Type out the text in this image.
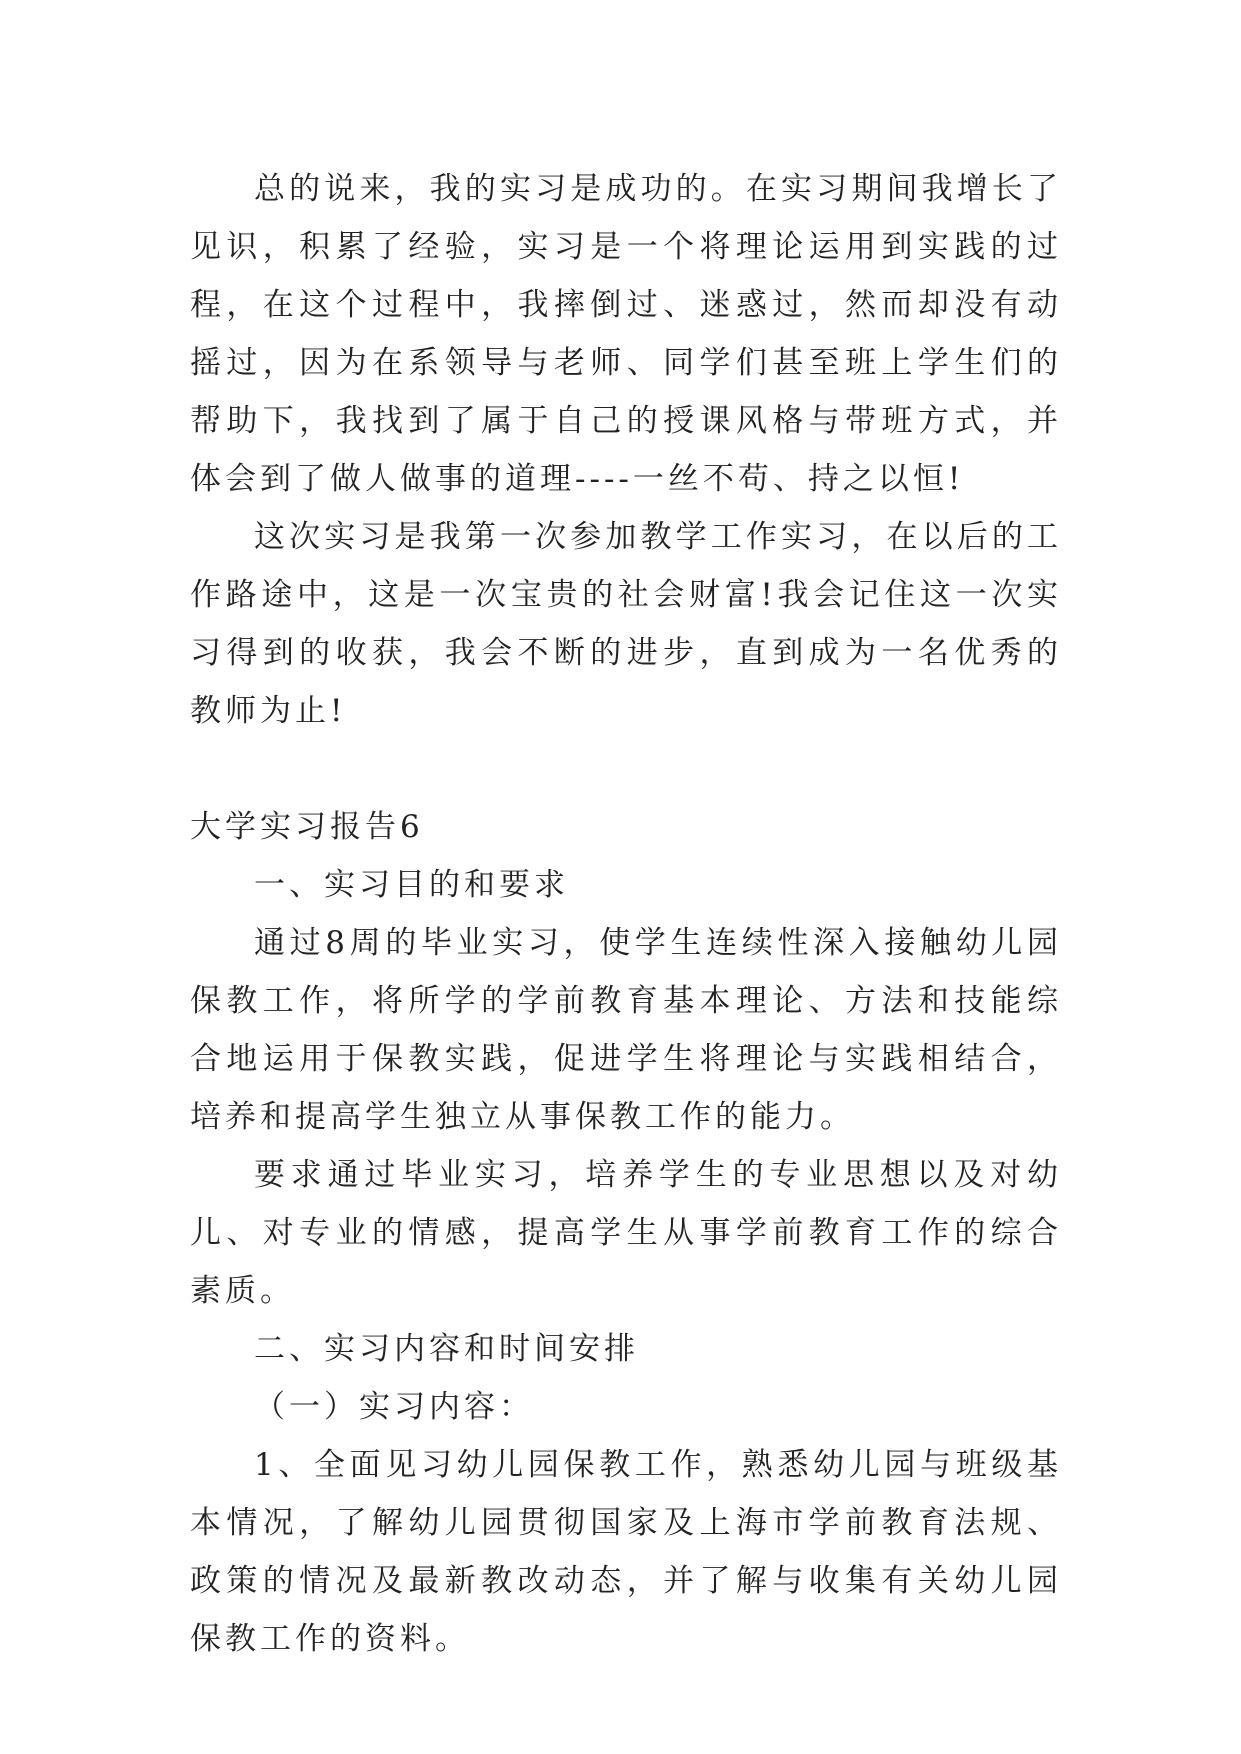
总的说来，我的实习是成功的。在实习期间我增长了见识，积累了经验，实习是一个将理论运用到实践的过程，在这个过程中，我摔倒过、迷惑过，然而却没有动摇过，因为在系领导与老师、同学们甚至班上学生们的帮助下，我找到了属于自己的授课风格与带班方式，并体会到了做人做事的道理----一丝不苟、持之以恒!

这次实习是我第一次参加教学工作实习，在以后的工作路途中，这是一次宝贵的社会财富!我会记住这一次实习得到的收获，我会不断的进步，直到成为一名优秀的教师为止!

大学实习报告6

一、实习目的和要求

通过8周的毕业实习，使学生连续性深入接触幼儿园保教工作，将所学的学前教育基本理论、方法和技能综合地运用于保教实践，促进学生将理论与实践相结合，培养和提高学生独立从事保教工作的能力。

要求通过毕业实习，培养学生的专业思想以及对幼儿、对专业的情感，提高学生从事学前教育工作的综合素质。

二、实习内容和时间安排

（一）实习内容：

1、全面见习幼儿园保教工作，熟悉幼儿园与班级基本情况，了解幼儿园贯彻国家及上海市学前教育法规、政策的情况及最新教改动态，并了解与收集有关幼儿园保教工作的资料。
